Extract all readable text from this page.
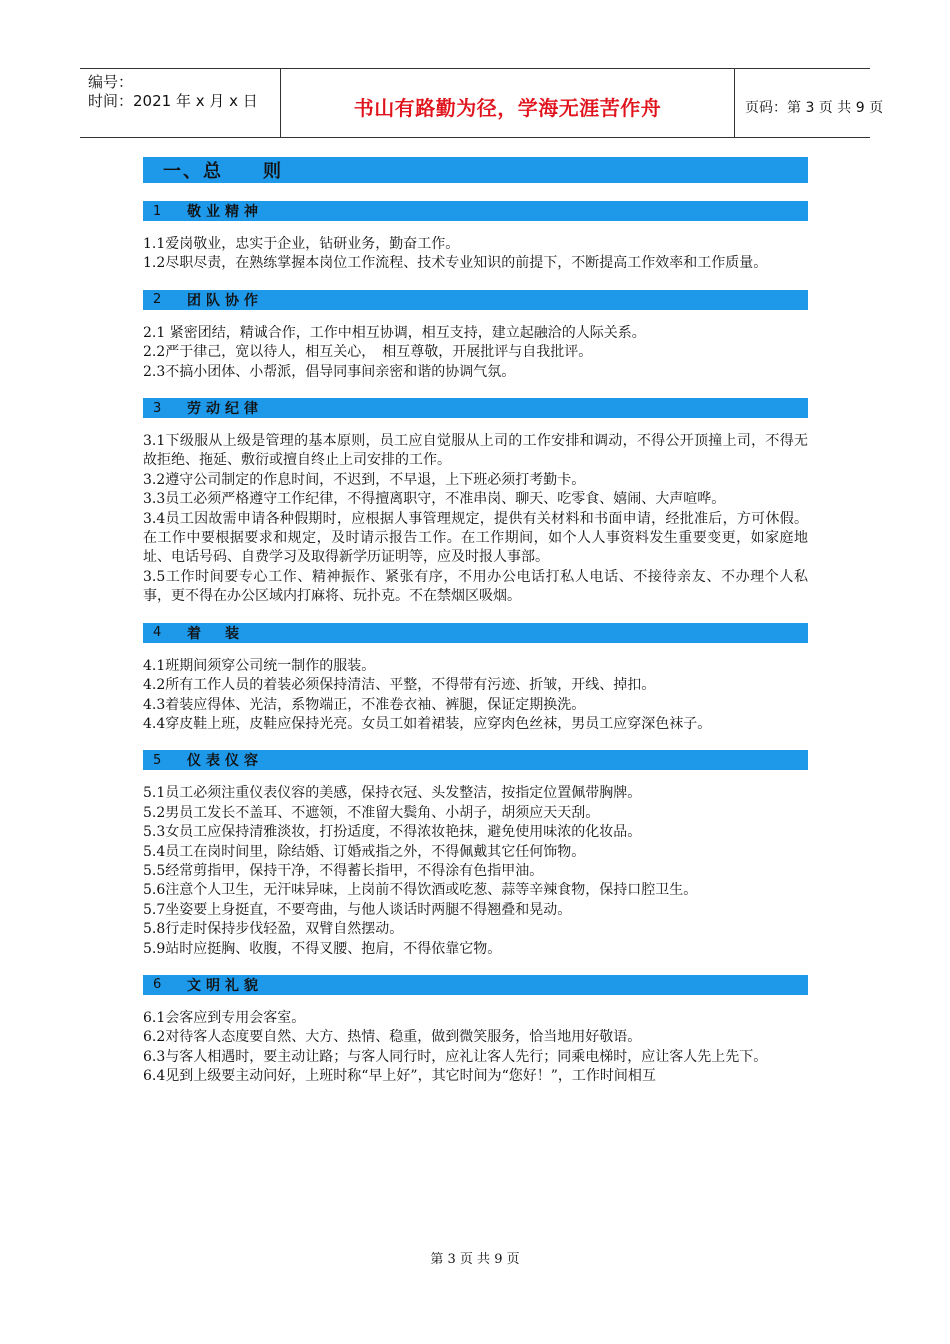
编号：
时间：2021 年 x 月 x 日	书山有路勤为径，学海无涯苦作舟	页码：第 3 页 共 9 页
一、总　　则
1	敬业精神

1.1爱岗敬业，忠实于企业，钻研业务，勤奋工作。

1.2尽职尽责，在熟练掌握本岗位工作流程、技术专业知识的前提下，不断提高工作效率和工作质量。

2	团队协作

2.1 紧密团结，精诚合作，工作中相互协调，相互支持，建立起融洽的人际关系。

2.2严于律己，宽以待人，相互关心，　相互尊敬，开展批评与自我批评。

2.3不搞小团体、小帮派，倡导同事间亲密和谐的协调气氛。

3	劳动纪律

3.1下级服从上级是管理的基本原则，员工应自觉服从上司的工作安排和调动，不得公开顶撞上司，不得无故拒绝、拖延、敷衍或擅自终止上司安排的工作。

3.2遵守公司制定的作息时间，不迟到，不早退，上下班必须打考勤卡。

3.3员工必须严格遵守工作纪律，不得擅离职守，不准串岗、聊天、吃零食、嬉闹、大声喧哗。

3.4员工因故需申请各种假期时，应根据人事管理规定，提供有关材料和书面申请，经批准后，方可休假。在工作中要根据要求和规定，及时请示报告工作。在工作期间，如个人人事资料发生重要变更，如家庭地址、电话号码、自费学习及取得新学历证明等，应及时报人事部。

3.5工作时间要专心工作、精神振作、紧张有序，不用办公电话打私人电话、不接待亲友、不办理个人私事，更不得在办公区域内打麻将、玩扑克。不在禁烟区吸烟。

4	着　装

4.1班期间须穿公司统一制作的服装。

4.2所有工作人员的着装必须保持清洁、平整，不得带有污迹、折皱，开线、掉扣。

4.3着装应得体、光洁，系物端正，不准卷衣袖、裤腿，保证定期换洗。

4.4穿皮鞋上班，皮鞋应保持光亮。女员工如着裙装，应穿肉色丝袜，男员工应穿深色袜子。

5	仪表仪容

5.1员工必须注重仪表仪容的美感，保持衣冠、头发整洁，按指定位置佩带胸牌。

5.2男员工发长不盖耳、不遮领，不准留大鬓角、小胡子，胡须应天天刮。

5.3女员工应保持清雅淡妆，打扮适度，不得浓妆艳抹，避免使用味浓的化妆品。

5.4员工在岗时间里，除结婚、订婚戒指之外，不得佩戴其它任何饰物。

5.5经常剪指甲，保持干净，不得蓄长指甲，不得涂有色指甲油。

5.6注意个人卫生，无汗味异味，上岗前不得饮酒或吃葱、蒜等辛辣食物，保持口腔卫生。

5.7坐姿要上身挺直，不要弯曲，与他人谈话时两腿不得翘叠和晃动。

5.8行走时保持步伐轻盈，双臂自然摆动。

5.9站时应挺胸、收腹，不得叉腰、抱肩，不得依靠它物。

6	文明礼貌

6.1会客应到专用会客室。

6.2对待客人态度要自然、大方、热情、稳重，做到微笑服务，恰当地用好敬语。

6.3与客人相遇时，要主动让路；与客人同行时，应礼让客人先行；同乘电梯时，应让客人先上先下。

6.4见到上级要主动问好，上班时称“早上好”，其它时间为“您好！”，工作时间相互

第 3 页 共 9 页
